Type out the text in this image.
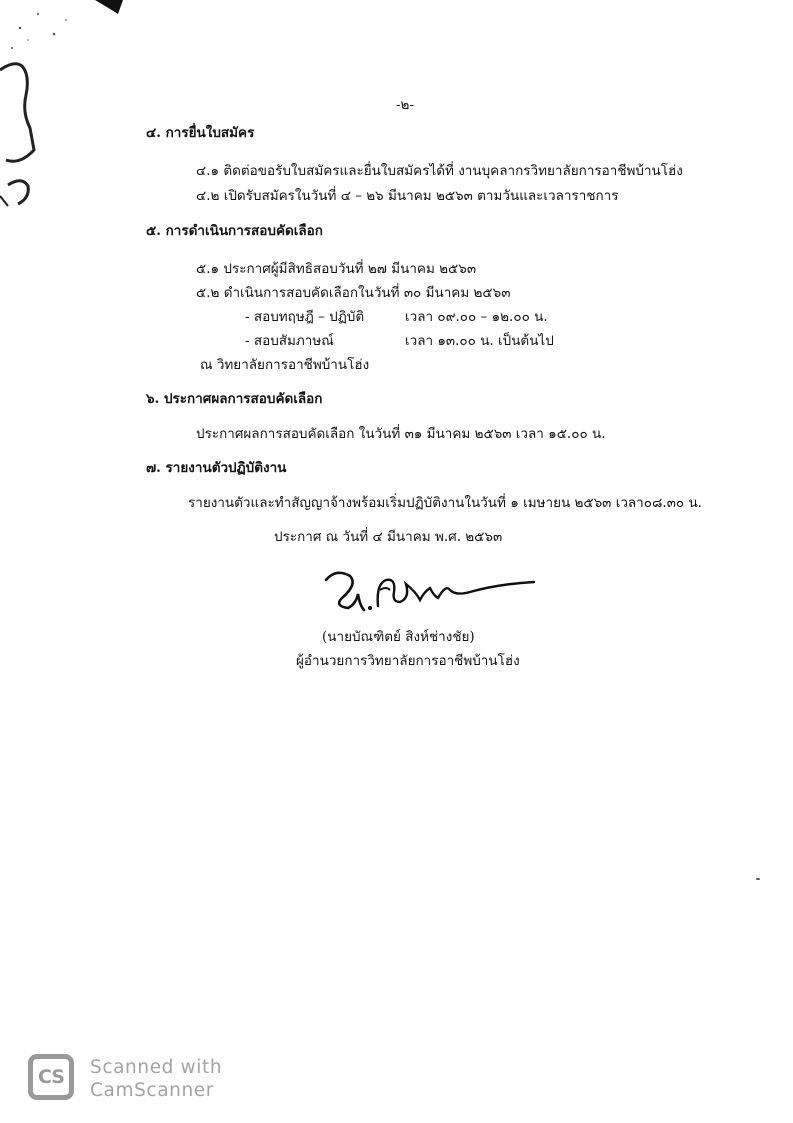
-๒-
๔. การยื่นใบสมัคร
๔.๑ ติดต่อขอรับใบสมัครและยื่นใบสมัครได้ที่ งานบุคลากรวิทยาลัยการอาชีพบ้านโฮ่ง
๔.๒ เปิดรับสมัครในวันที่ ๔ – ๒๖ มีนาคม ๒๕๖๓ ตามวันและเวลาราชการ
๕. การดำเนินการสอบคัดเลือก
๕.๑ ประกาศผู้มีสิทธิสอบวันที่ ๒๗ มีนาคม ๒๕๖๓
๕.๒ ดำเนินการสอบคัดเลือกในวันที่ ๓๐ มีนาคม ๒๕๖๓
- สอบทฤษฎี – ปฏิบัติ	เวลา ๐๙.๐๐ – ๑๒.๐๐ น.
- สอบสัมภาษณ์	เวลา ๑๓.๐๐ น. เป็นต้นไป
ณ วิทยาลัยการอาชีพบ้านโฮ่ง
๖. ประกาศผลการสอบคัดเลือก
ประกาศผลการสอบคัดเลือก ในวันที่ ๓๑ มีนาคม ๒๕๖๓ เวลา ๑๕.๐๐ น.
๗. รายงานตัวปฏิบัติงาน
รายงานตัวและทำสัญญาจ้างพร้อมเริ่มปฏิบัติงานในวันที่ ๑ เมษายน ๒๕๖๓ เวลา๐๘.๓๐ น.
ประกาศ ณ วันที่ ๔ มีนาคม พ.ศ. ๒๕๖๓
(นายบัณฑิตย์ สิงห์ช่างชัย)
ผู้อำนวยการวิทยาลัยการอาชีพบ้านโฮ่ง
CS	Scanned with
CamScanner
